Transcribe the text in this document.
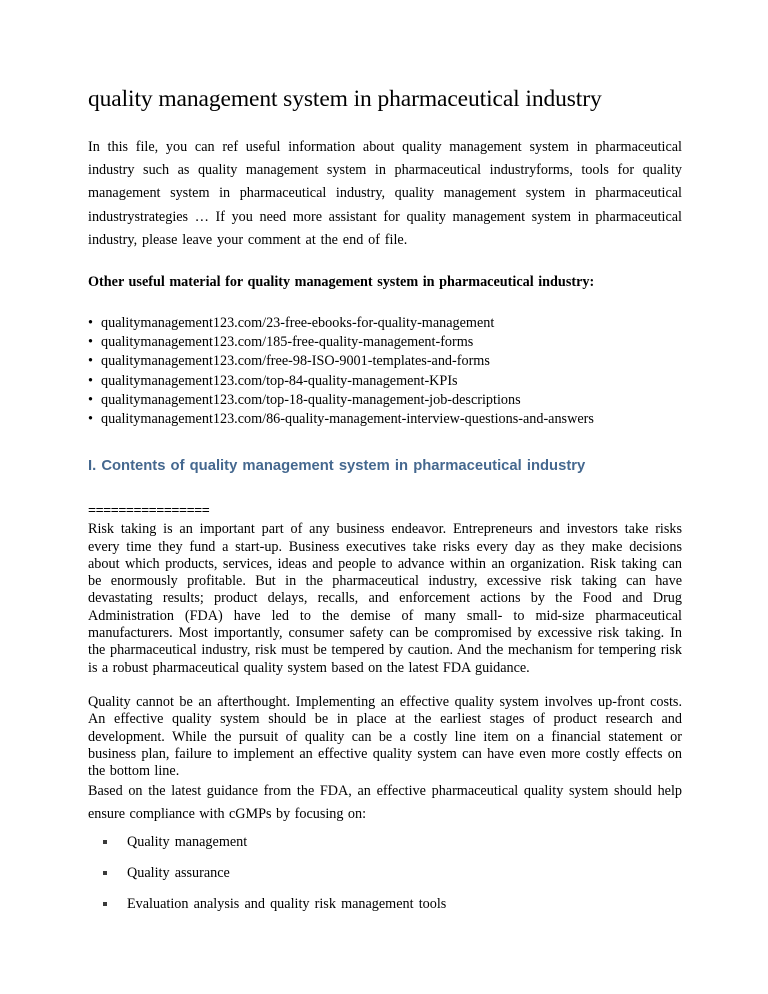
quality management system in pharmaceutical industry

In this file, you can ref useful information about quality management system in pharmaceutical industry such as quality management system in pharmaceutical industryforms, tools for quality management system in pharmaceutical industry, quality management system in pharmaceutical industrystrategies … If you need more assistant for quality management system in pharmaceutical industry, please leave your comment at the end of file.

Other useful material for quality management system in pharmaceutical industry:

• qualitymanagement123.com/23-free-ebooks-for-quality-management
• qualitymanagement123.com/185-free-quality-management-forms
• qualitymanagement123.com/free-98-ISO-9001-templates-and-forms
• qualitymanagement123.com/top-84-quality-management-KPIs
• qualitymanagement123.com/top-18-quality-management-job-descriptions
• qualitymanagement123.com/86-quality-management-interview-questions-and-answers
I. Contents of quality management system in pharmaceutical industry
================

Risk taking is an important part of any business endeavor. Entrepreneurs and investors take risks every time they fund a start-up. Business executives take risks every day as they make decisions about which products, services, ideas and people to advance within an organization. Risk taking can be enormously profitable. But in the pharmaceutical industry, excessive risk taking can have devastating results; product delays, recalls, and enforcement actions by the Food and Drug Administration (FDA) have led to the demise of many small- to mid-size pharmaceutical manufacturers. Most importantly, consumer safety can be compromised by excessive risk taking. In the pharmaceutical industry, risk must be tempered by caution. And the mechanism for tempering risk is a robust pharmaceutical quality system based on the latest FDA guidance.

Quality cannot be an afterthought. Implementing an effective quality system involves up-front costs. An effective quality system should be in place at the earliest stages of product research and development. While the pursuit of quality can be a costly line item on a financial statement or business plan, failure to implement an effective quality system can have even more costly effects on the bottom line.

Based on the latest guidance from the FDA, an effective pharmaceutical quality system should help ensure compliance with cGMPs by focusing on:

Quality management
Quality assurance
Evaluation analysis and quality risk management tools
